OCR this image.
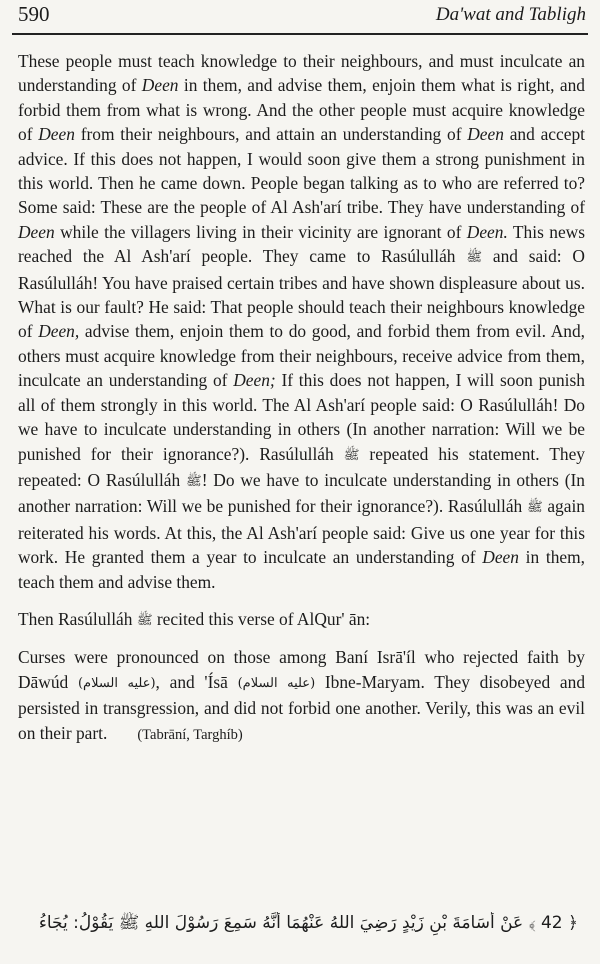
590	Da'wat and Tabligh

These people must teach knowledge to their neighbours, and must inculcate an understanding of Deen in them, and advise them, enjoin them what is right, and forbid them from what is wrong. And the other people must acquire knowledge of Deen from their neighbours, and attain an understanding of Deen and accept advice. If this does not happen, I would soon give them a strong punishment in this world. Then he came down. People began talking as to who are referred to? Some said: These are the people of Al Ash'arí tribe. They have understanding of Deen while the villagers living in their vicinity are ignorant of Deen. This news reached the Al Ash'arí people. They came to Rasúlulláh ﷺ and said: O Rasúlulláh! You have praised certain tribes and have shown displeasure about us. What is our fault? He said: That people should teach their neighbours knowledge of Deen, advise them, enjoin them to do good, and forbid them from evil. And, others must acquire knowledge from their neighbours, receive advice from them, inculcate an understanding of Deen; If this does not happen, I will soon punish all of them strongly in this world. The Al Ash'arí people said: O Rasúlulláh! Do we have to inculcate understanding in others (In another narration: Will we be punished for their ignorance?). Rasúlulláh ﷺ repeated his statement. They repeated: O Rasúlulláh ﷺ! Do we have to inculcate understanding in others (In another narration: Will we be punished for their ignorance?). Rasúlulláh ﷺ again reiterated his words. At this, the Al Ash'arí people said: Give us one year for this work. He granted them a year to inculcate an understanding of Deen in them, teach them and advise them.

Then Rasúlulláh ﷺ recited this verse of AlQur' ān:

Curses were pronounced on those among Baní Isrā'íl who rejected faith by Dāwúd (عليه السلام), and 'Ísā (عليه السلام) Ibne-Maryam. They disobeyed and persisted in transgression, and did not forbid one another. Verily, this was an evil on their part. (Tabrāní, Targhíb)

﴿ 42 ﴾ عَنْ أُسَامَةَ بْنِ زَيْدٍ رَضِيَ اللهُ عَنْهُمَا أَنَّهُ سَمِعَ رَسُوْلَ اللهِ ﷺ يَقُوْلُ: يُجَاءُ
